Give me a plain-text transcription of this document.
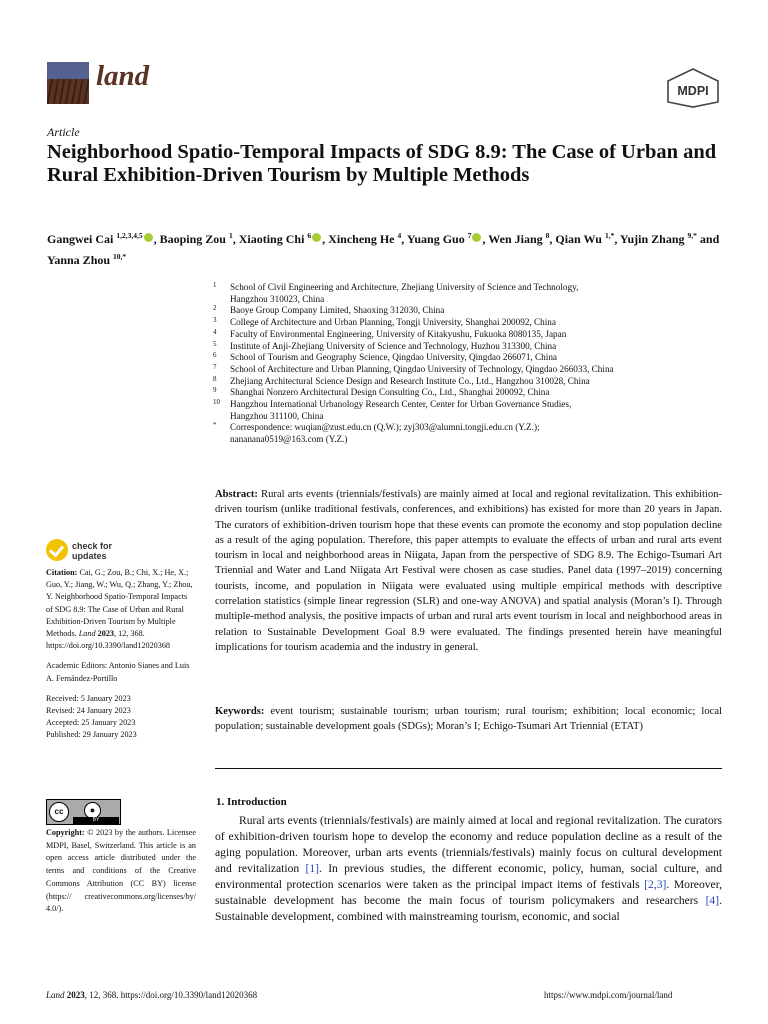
land	MDPI
Article
Neighborhood Spatio-Temporal Impacts of SDG 8.9: The Case of Urban and Rural Exhibition-Driven Tourism by Multiple Methods
Gangwei Cai $^{1,2,3,4,5}$ , Baoping Zou $^1$, Xiaoting Chi $^6$ , Xincheng He $^4$, Yuang Guo $^7$ , Wen Jiang $^8$, Qian Wu $^{1,*}$, Yujin Zhang $^{9,*}$ and Yanna Zhou $^{10,*}$
1 School of Civil Engineering and Architecture, Zhejiang University of Science and Technology,
Hangzhou 310023, China
2 Baoye Group Company Limited, Shaoxing 312030, China
3 College of Architecture and Urban Planning, Tongji University, Shanghai 200092, China
4 Faculty of Environmental Engineering, University of Kitakyushu, Fukuoka 8080135, Japan
5 Institute of Anji-Zhejiang University of Science and Technology, Huzhou 313300, China
6 School of Tourism and Geography Science, Qingdao University, Qingdao 266071, China
7 School of Architecture and Urban Planning, Qingdao University of Technology, Qingdao 266033, China
8 Zhejiang Architectural Science Design and Research Institute Co., Ltd., Hangzhou 310028, China
9 Shanghai Nonzero Architectural Design Consulting Co., Ltd., Shanghai 200092, China
10 Hangzhou International Urbanology Research Center, Center for Urban Governance Studies,
Hangzhou 311100, China
* Correspondence: wuqian@zust.edu.cn (Q.W.); zyj303@alumni.tongji.edu.cn (Y.Z.);
nananana0519@163.com (Y.Z.)
Abstract: Rural arts events (triennials/festivals) are mainly aimed at local and regional revitalization. This exhibition-driven tourism (unlike traditional festivals, conferences, and exhibitions) has existed for more than 20 years in Japan. The curators of exhibition-driven tourism hope that these events can promote the economy and stop population decline as a result of the aging population. Therefore, this paper attempts to evaluate the effects of urban and rural arts event tourism in local and neighborhood areas in Niigata, Japan from the perspective of SDG 8.9. The Echigo-Tsumari Art Triennial and Water and Land Niigata Art Festival were chosen as case studies. Panel data (1997–2019) concerning tourists, income, and population in Niigata were evaluated using multiple empirical methods with descriptive correlation statistics (simple linear regression (SLR) and one-way ANOVA) and spatial analysis (Moran’s I). Through multiple-method analysis, the positive impacts of urban and rural arts event tourism in local and neighborhood areas in relation to Sustainable Development Goal 8.9 were evaluated. The findings presented herein have meaningful implications for tourism academia and the industry in general.
Keywords: event tourism; sustainable tourism; urban tourism; rural tourism; exhibition; local economic; local population; sustainable development goals (SDGs); Moran’s I; Echigo-Tsumari Art Triennial (ETAT)
check for
updates

Citation: Cai, G.; Zou, B.; Chi, X.; He, X.; Guo, Y.; Jiang, W.; Wu, Q.; Zhang, Y.; Zhou, Y. Neighborhood Spatio-Temporal Impacts of SDG 8.9: The Case of Urban and Rural Exhibition-Driven Tourism by Multiple Methods. Land 2023, 12, 368. https://doi.org/10.3390/land12020368

Academic Editors: Antonio Sianes and Luis A. Fernández-Portillo

Received: 5 January 2023
Revised: 24 January 2023
Accepted: 25 January 2023
Published: 29 January 2023
cc	●
BY
Copyright: © 2023 by the authors. Licensee MDPI, Basel, Switzerland. This article is an open access article distributed under the terms and conditions of the Creative Commons Attribution (CC BY) license (https:// creativecommons.org/licenses/by/ 4.0/).
1. Introduction
Rural arts events (triennials/festivals) are mainly aimed at local and regional revitalization. The curators of exhibition-driven tourism hope to develop the economy and reduce population decline as a result of the aging population. Moreover, urban arts events (triennials/festivals) mainly focus on cultural development and revitalization [1]. In previous studies, the different economic, policy, human, social culture, and environmental protection scenarios were taken as the principal impact items of festivals [2,3]. Moreover, sustainable development has become the main focus of tourism policymakers and researchers [4]. Sustainable development, combined with mainstreaming tourism, economic, and social
Land 2023, 12, 368. https://doi.org/10.3390/land12020368	https://www.mdpi.com/journal/land
